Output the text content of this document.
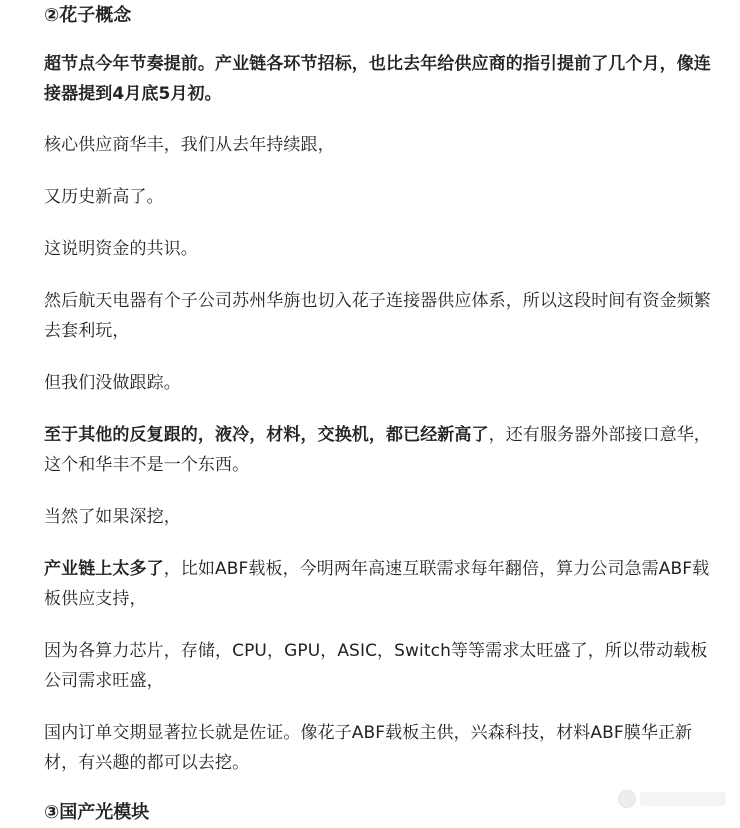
②花子概念

超节点今年节奏提前。产业链各环节招标，也比去年给供应商的指引提前了几个月，像连接器提到4月底5月初。

核心供应商华丰，我们从去年持续跟，

又历史新高了。

这说明资金的共识。

然后航天电器有个子公司苏州华旃也切入花子连接器供应体系，所以这段时间有资金频繁去套利玩，

但我们没做跟踪。

至于其他的反复跟的，液冷，材料，交换机，都已经新高了，还有服务器外部接口意华，这个和华丰不是一个东西。

当然了如果深挖，

产业链上太多了，比如ABF载板，今明两年高速互联需求每年翻倍，算力公司急需ABF载板供应支持，

因为各算力芯片，存储，CPU，GPU，ASIC，Switch等等需求太旺盛了，所以带动载板公司需求旺盛，

国内订单交期显著拉长就是佐证。像花子ABF载板主供，兴森科技，材料ABF膜华正新材，有兴趣的都可以去挖。

③国产光模块
